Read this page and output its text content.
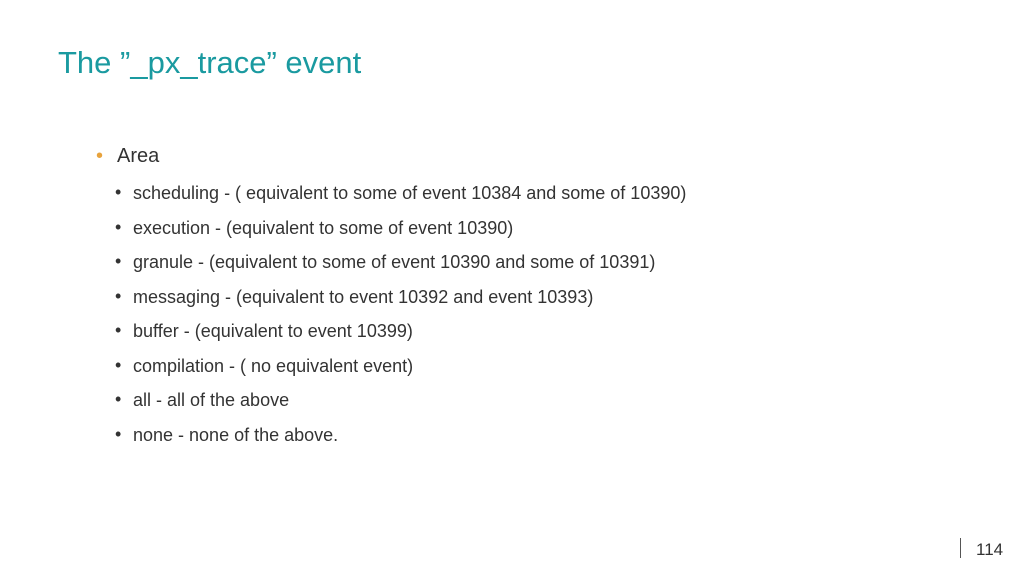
The ”_px_trace” event
• Area
• scheduling - ( equivalent to some of event 10384 and some of 10390)
• execution - (equivalent to some of event 10390)
• granule - (equivalent to some of event 10390 and some of 10391)
• messaging - (equivalent to event 10392 and event 10393)
• buffer - (equivalent to event 10399)
• compilation - ( no equivalent event)
• all - all of the above
• none - none of the above.
114
